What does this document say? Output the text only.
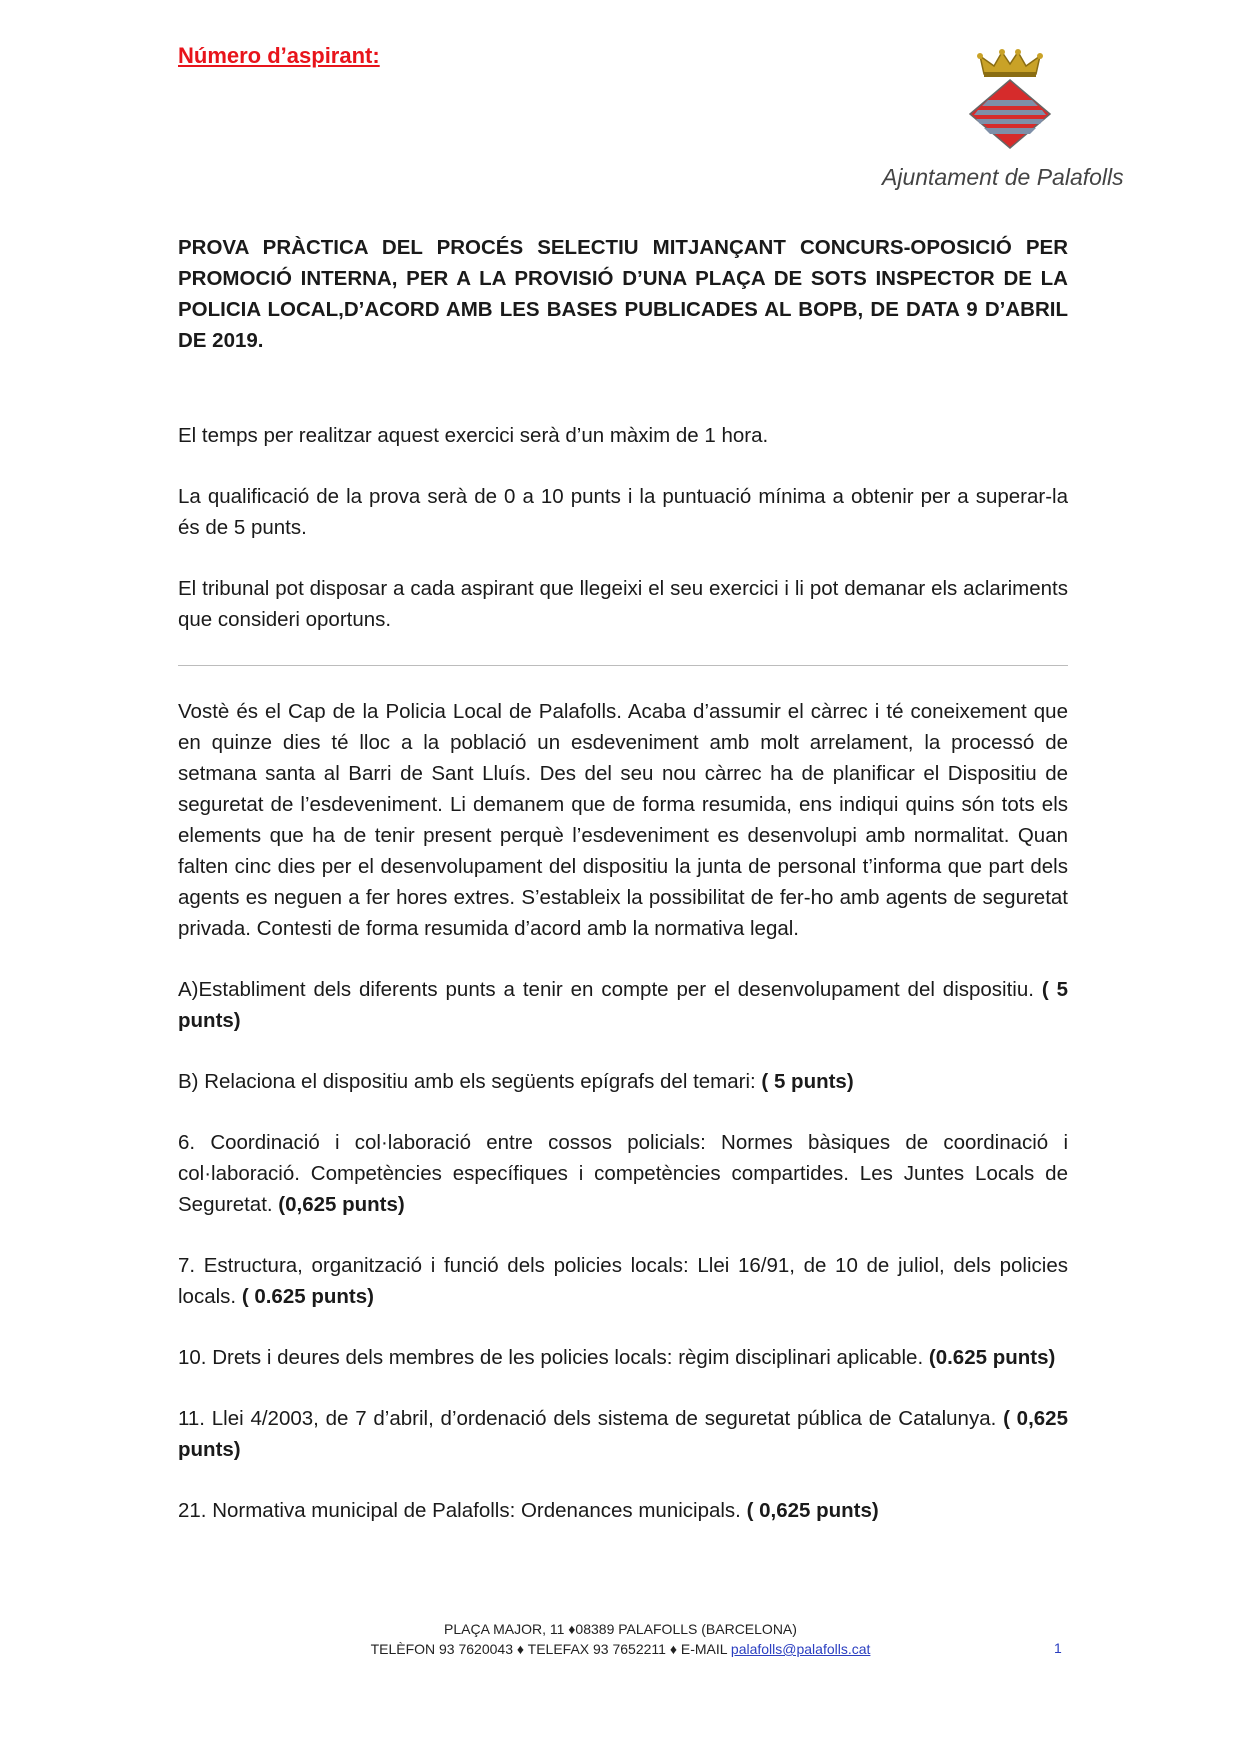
Número d’aspirant:

Ajuntament de Palafolls

PROVA PRÀCTICA DEL PROCÉS SELECTIU MITJANÇANT CONCURS-OPOSICIÓ PER PROMOCIÓ INTERNA, PER A LA PROVISIÓ D’UNA PLAÇA DE SOTS INSPECTOR DE LA POLICIA LOCAL,D’ACORD AMB LES BASES PUBLICADES AL BOPB, DE DATA 9 D’ABRIL DE 2019.

El temps per realitzar aquest exercici serà d’un màxim de 1 hora.

La qualificació de la prova serà de 0 a 10 punts i la puntuació mínima a obtenir per a superar-la és de 5 punts.

El tribunal pot disposar a cada aspirant que llegeixi el seu exercici i li pot demanar els aclariments que consideri oportuns.

Vostè és el Cap de la Policia Local de Palafolls. Acaba d’assumir el càrrec i té coneixement que en quinze dies té lloc a la població un esdeveniment amb molt arrelament, la processó de setmana santa al Barri de Sant Lluís. Des del seu nou càrrec ha de planificar el Dispositiu de seguretat de l’esdeveniment. Li demanem que de forma resumida, ens indiqui quins són tots els elements que ha de tenir present perquè l’esdeveniment es desenvolupi amb normalitat. Quan falten cinc dies per el desenvolupament del dispositiu la junta de personal t’informa que part dels agents es neguen a fer hores extres. S’estableix la possibilitat de fer-ho amb agents de seguretat privada. Contesti de forma resumida d’acord amb la normativa legal.

A)Establiment dels diferents punts a tenir en compte per el desenvolupament del dispositiu. ( 5 punts)

B) Relaciona el dispositiu amb els següents epígrafs del temari: ( 5 punts)

6. Coordinació i col·laboració entre cossos policials: Normes bàsiques de coordinació i col·laboració. Competències específiques i competències compartides. Les Juntes Locals de Seguretat. (0,625 punts)

7. Estructura, organització i funció dels policies locals: Llei 16/91, de 10 de juliol, dels policies locals. ( 0.625 punts)

10. Drets i deures dels membres de les policies locals: règim disciplinari aplicable. (0.625 punts)

11. Llei 4/2003, de 7 d’abril, d’ordenació dels sistema de seguretat pública de Catalunya. ( 0,625 punts)

21. Normativa municipal de Palafolls: Ordenances municipals. ( 0,625 punts)

PLAÇA MAJOR, 11 ♦08389 PALAFOLLS (BARCELONA)
TELÈFON 93 7620043 ♦ TELEFAX 93 7652211 ♦ E-MAIL palafolls@palafolls.cat	1
